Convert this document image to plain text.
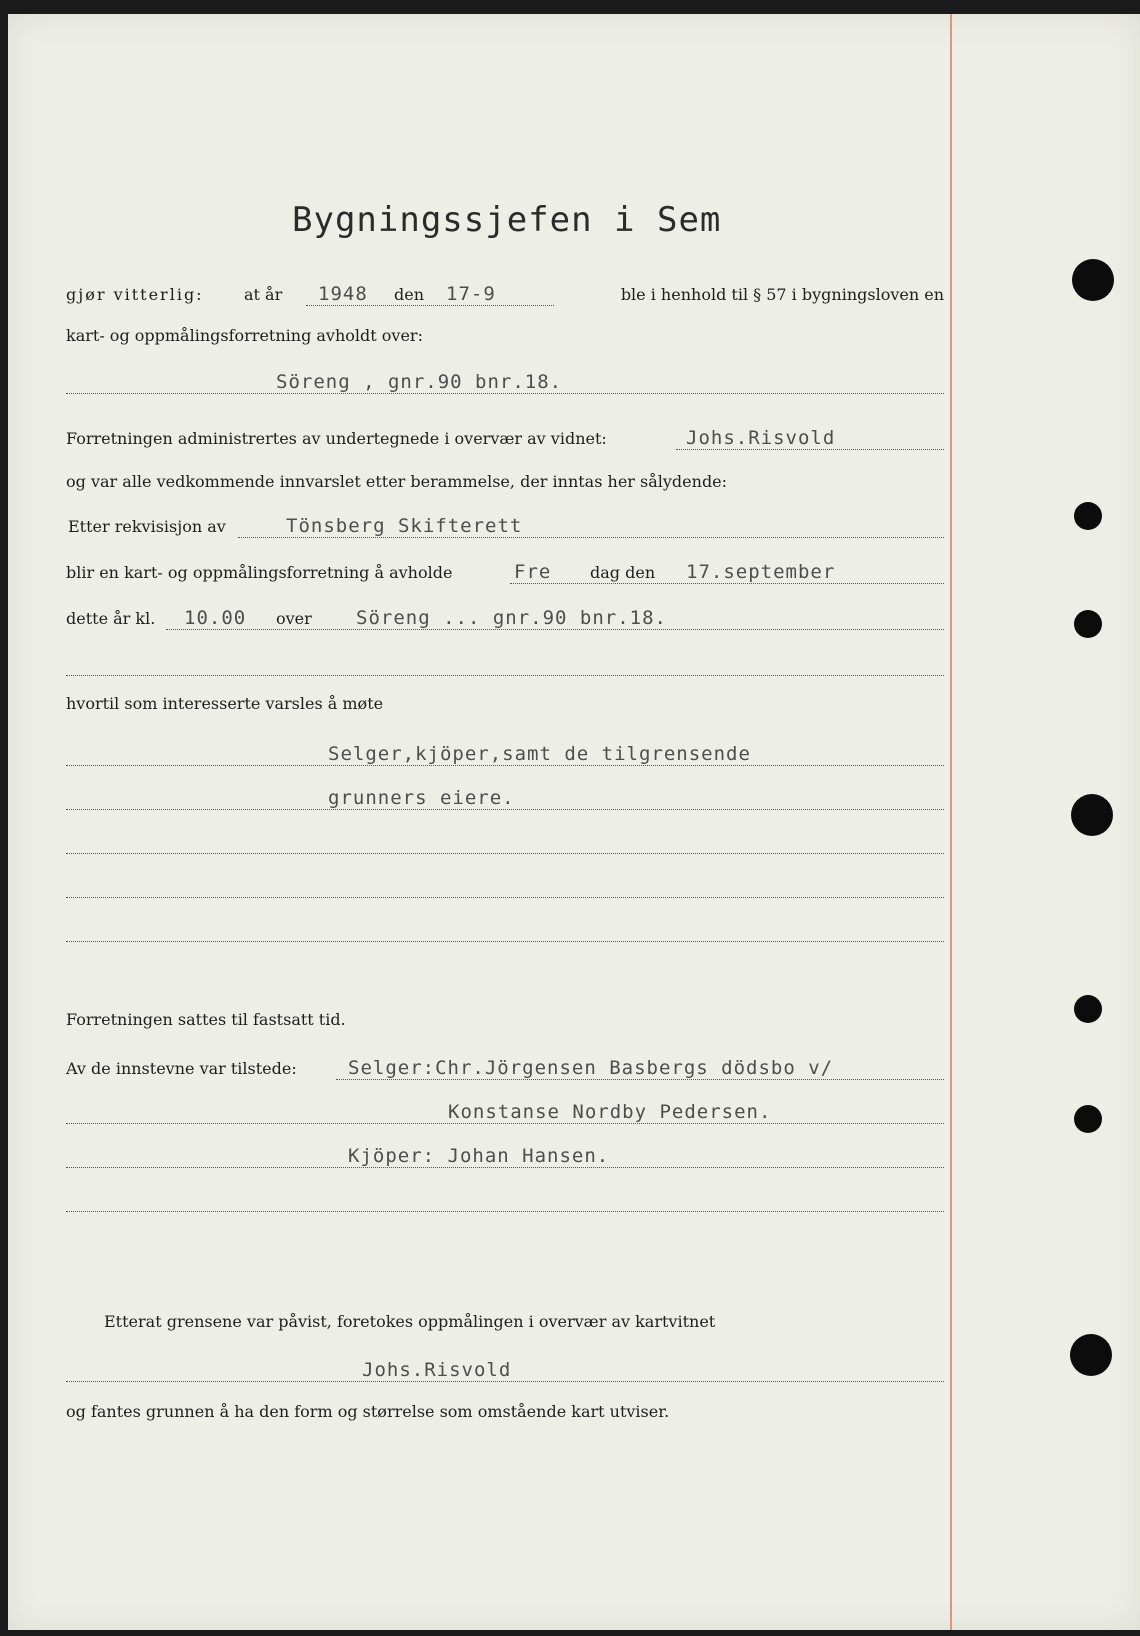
Bygningssjefen i Sem
gjør vitterlig:	at år 1948	den 17-9	ble i henhold til § 57 i bygningsloven en
kart- og oppmålingsforretning avholdt over:
Söreng , gnr.90 bnr.18.
Forretningen administrertes av undertegnede i overvær av vidnet:	Johs.Risvold
og var alle vedkommende innvarslet etter berammelse, der inntas her sålydende:
Etter rekvisisjon av	Tönsberg Skifterett
blir en kart- og oppmålingsforretning å avholde	Fre dag den 17.september
dette år kl. 10.00	over Söreng ... gnr.90 bnr.18.
hvortil som interesserte varsles å møte
Selger,kjöper,samt de tilgrensende
grunners eiere.
Forretningen sattes til fastsatt tid.
Av de innstevne var tilstede:	Selger:Chr.Jörgensen Basbergs dödsbo v/
Konstanse Nordby Pedersen.
Kjöper: Johan Hansen.
Etterat grensene var påvist, foretokes oppmålingen i overvær av kartvitnet
Johs.Risvold
og fantes grunnen å ha den form og størrelse som omstående kart utviser.
